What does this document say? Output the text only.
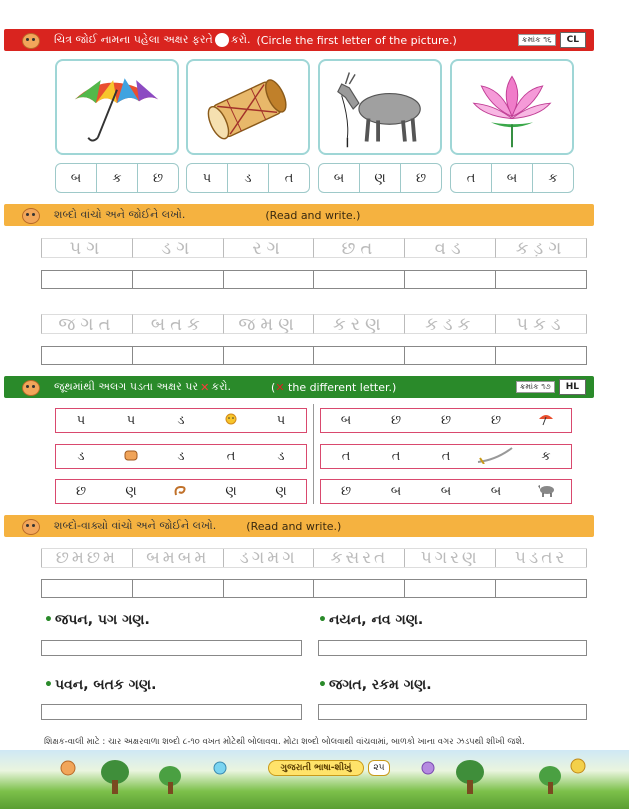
ચિત્ર જોઈ નામના પહેલા અક્ષર ફરતે કરો. (Circle the first letter of the picture.)	ક્રમાંક ૧૬	CL
બ	ક	છ	પ	ડ	ત	બ	ણ	છ	ત	બ	ક
શબ્દો વાંચો અને જોઈને લખો.	(Read and write.)
પગ	ડગ	રગ	છત	વડ	કડ઼ગ
જગત	બતક	જમણ	કરણ	કડક	પકડ
જૂથમાંથી અલગ પડતા અક્ષર પર ✕ કરો.	(✕ the different letter.)	ક્રમાંક ૧૭	HL
પ	પ	ડ	પ
ડ	ડ	ત	ડ
છ	ણ	ણ	ણ
બ	છ	છ	છ
ત	ત	ત	ક
છ	બ	બ	બ
શબ્દો-વાક્યો વાંચો અને જોઈને લખો.	(Read and write.)
છમછમ	બમબમ	ડગમગ	કસરત	પગરણ	પડતર
• જપન, પગ ગણ.	• નયન, નવ ગણ.
• પવન, બતક ગણ.	• જગત, રકમ ગણ.
શિક્ષક-વાલી માટે : ચાર અક્ષરવાળા શબ્દો ૮-૧૦ વખત મોટેથી બોલાવવા. મોટા શબ્દો બોલવાથી વાંચવામાં, બાળકો ખાના વગર ઝડપથી શીખી જશે.
ગુજરાતી ભાષા-શીખું	૨૫
